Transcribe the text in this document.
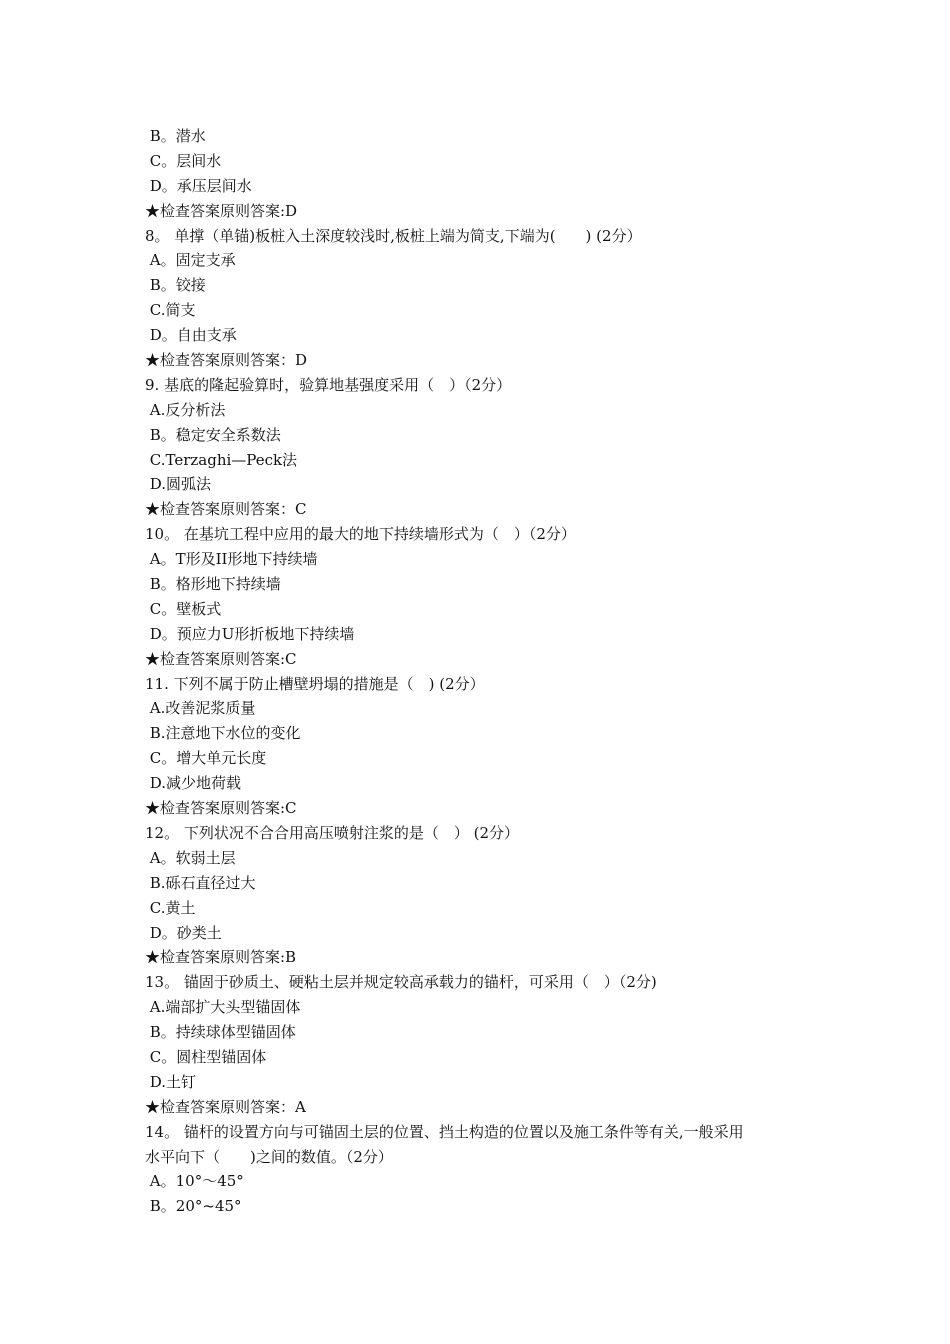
B。潜水
C。层间水
D。承压层间水
★检查答案原则答案:D
8。 单撑（单锚)板桩入土深度较浅时,板桩上端为简支,下端为(　　) (2分）
A。固定支承
B。铰接
C.简支
D。自由支承
★检查答案原则答案：D
9. 基底的隆起验算时，验算地基强度采用（　）（2分）
A.反分析法
B。稳定安全系数法
C.Terzaghi—Peck法
D.圆弧法
★检查答案原则答案：C
10。 在基坑工程中应用的最大的地下持续墙形式为（　）（2分）
A。T形及II形地下持续墙
B。格形地下持续墙
C。壁板式
D。预应力U形折板地下持续墙
★检查答案原则答案:C
11. 下列不属于防止槽壁坍塌的措施是（　) (2分）
A.改善泥浆质量
B.注意地下水位的变化
C。增大单元长度
D.减少地荷载
★检查答案原则答案:C
12。 下列状况不合合用高压喷射注浆的是（　） (2分）
A。软弱土层
B.砾石直径过大
C.黄土
D。砂类土
★检查答案原则答案:B
13。 锚固于砂质土、硬粘土层并规定较高承载力的锚杆，可采用（　）（2分)
A.端部扩大头型锚固体
B。持续球体型锚固体
C。圆柱型锚固体
D.土钉
★检查答案原则答案：A
14。 锚杆的设置方向与可锚固土层的位置、挡土构造的位置以及施工条件等有关,一般采用
水平向下（　　)之间的数值。（2分）
A。10°～45°
B。20°~45°
